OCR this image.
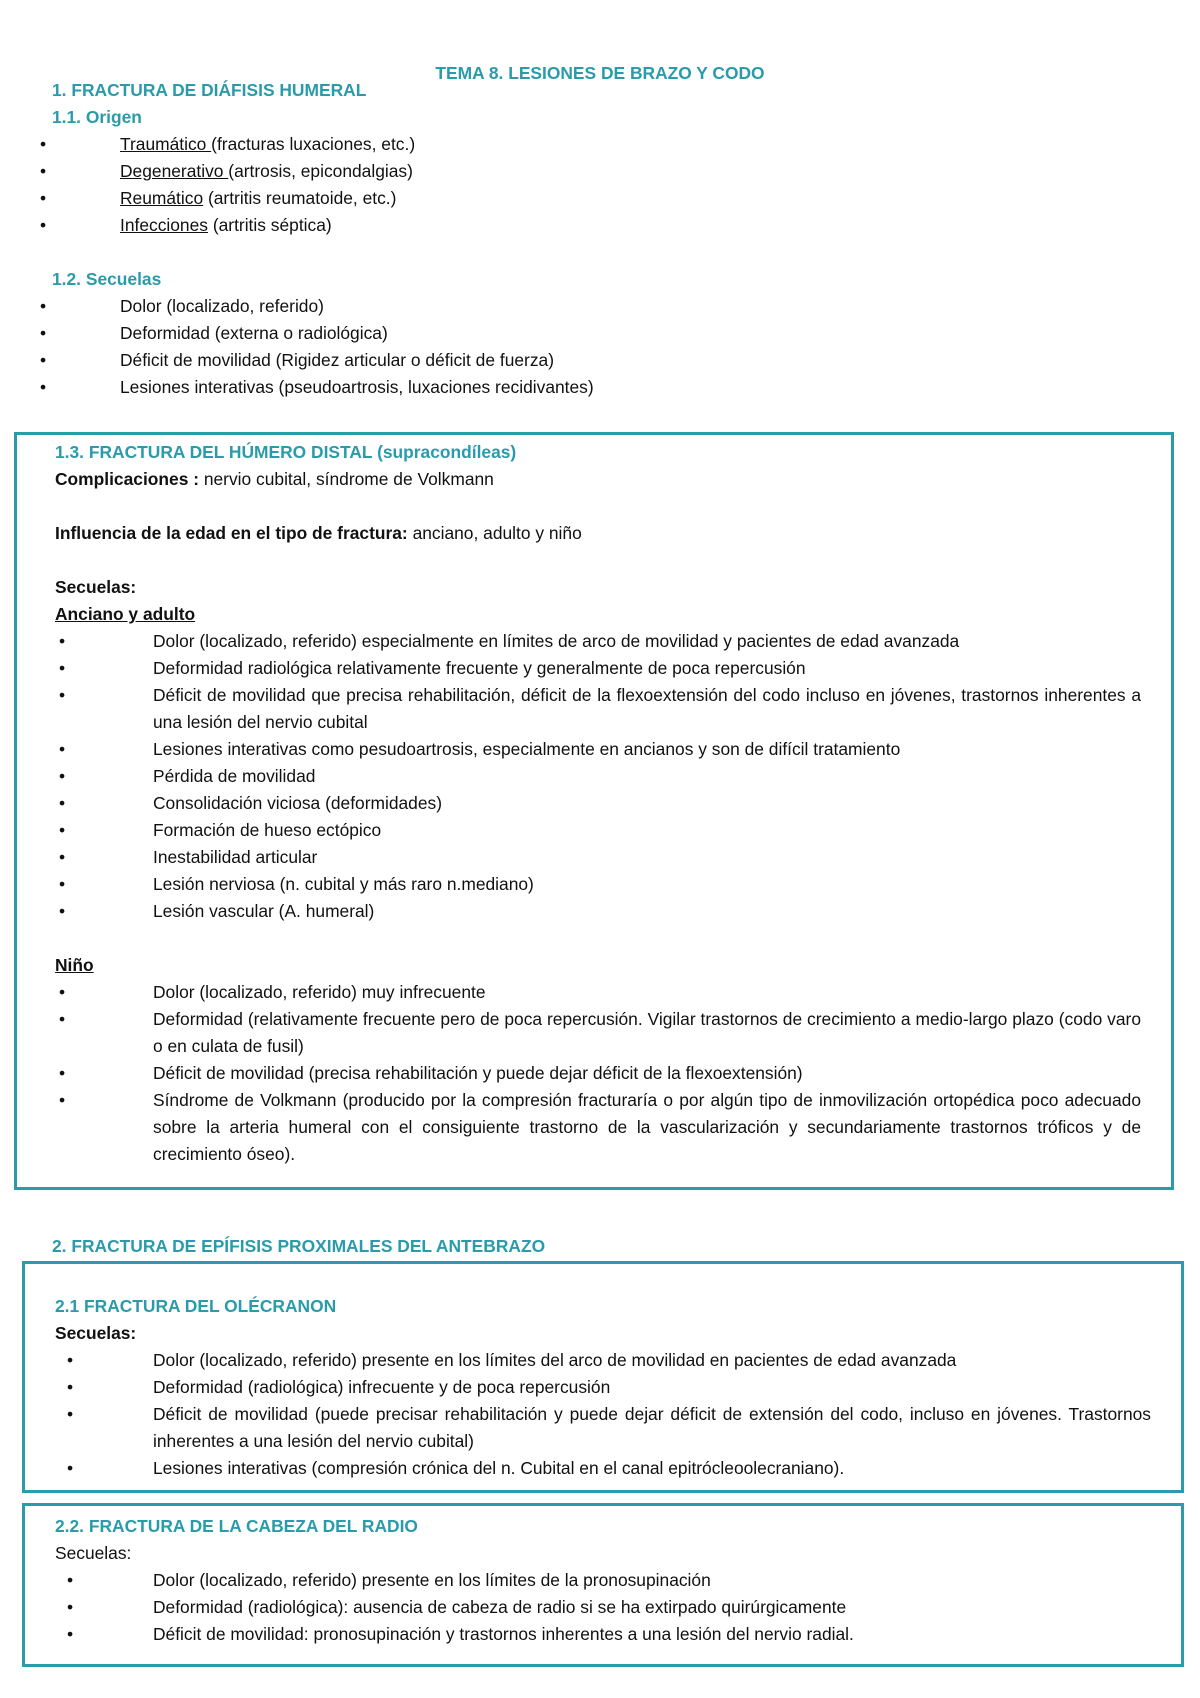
TEMA 8. LESIONES DE BRAZO Y CODO
1. FRACTURA DE DIÁFISIS HUMERAL
1.1. Origen
• Traumático (fracturas luxaciones, etc.)
• Degenerativo (artrosis, epicondalgias)
• Reumático (artritis reumatoide, etc.)
• Infecciones (artritis séptica)
1.2. Secuelas
• Dolor (localizado, referido)
• Deformidad (externa o radiológica)
• Déficit de movilidad (Rigidez articular o déficit de fuerza)
• Lesiones interativas (pseudoartrosis, luxaciones recidivantes)
1.3. FRACTURA DEL HÚMERO DISTAL (supracondíleas)
Complicaciones : nervio cubital, síndrome de Volkmann
Influencia de la edad en el tipo de fractura: anciano, adulto y niño
Secuelas:
Anciano y adulto
• Dolor (localizado, referido) especialmente en límites de arco de movilidad y pacientes de edad avanzada
• Deformidad radiológica relativamente frecuente y generalmente de poca repercusión
• Déficit de movilidad que precisa rehabilitación, déficit de la flexoextensión del codo incluso en jóvenes, trastornos inherentes a una lesión del nervio cubital
• Lesiones interativas como pesudoartrosis, especialmente en ancianos y son de difícil tratamiento
• Pérdida de movilidad
• Consolidación viciosa (deformidades)
• Formación de hueso ectópico
• Inestabilidad articular
• Lesión nerviosa (n. cubital y más raro n.mediano)
• Lesión vascular (A. humeral)
Niño
• Dolor (localizado, referido) muy infrecuente
• Deformidad (relativamente frecuente pero de poca repercusión. Vigilar trastornos de crecimiento a medio-largo plazo (codo varo o en culata de fusil)
• Déficit de movilidad (precisa rehabilitación y puede dejar déficit de la flexoextensión)
• Síndrome de Volkmann (producido por la compresión fracturaría o por algún tipo de inmovilización ortopédica poco adecuado sobre la arteria humeral con el consiguiente trastorno de la vascularización y secundariamente trastornos tróficos y de crecimiento óseo).
2. FRACTURA DE EPÍFISIS PROXIMALES DEL ANTEBRAZO
2.1 FRACTURA DEL OLÉCRANON
Secuelas:
• Dolor (localizado, referido) presente en los límites del arco de movilidad en pacientes de edad avanzada
• Deformidad (radiológica) infrecuente y de poca repercusión
• Déficit de movilidad (puede precisar rehabilitación y puede dejar déficit de extensión del codo, incluso en jóvenes. Trastornos inherentes a una lesión del nervio cubital)
• Lesiones interativas (compresión crónica del n. Cubital en el canal epitrócleoolecraniano).
2.2. FRACTURA DE LA CABEZA DEL RADIO
Secuelas:
• Dolor (localizado, referido) presente en los límites de la pronosupinación
• Deformidad (radiológica): ausencia de cabeza de radio si se ha extirpado quirúrgicamente
• Déficit de movilidad: pronosupinación y trastornos inherentes a una lesión del nervio radial.
